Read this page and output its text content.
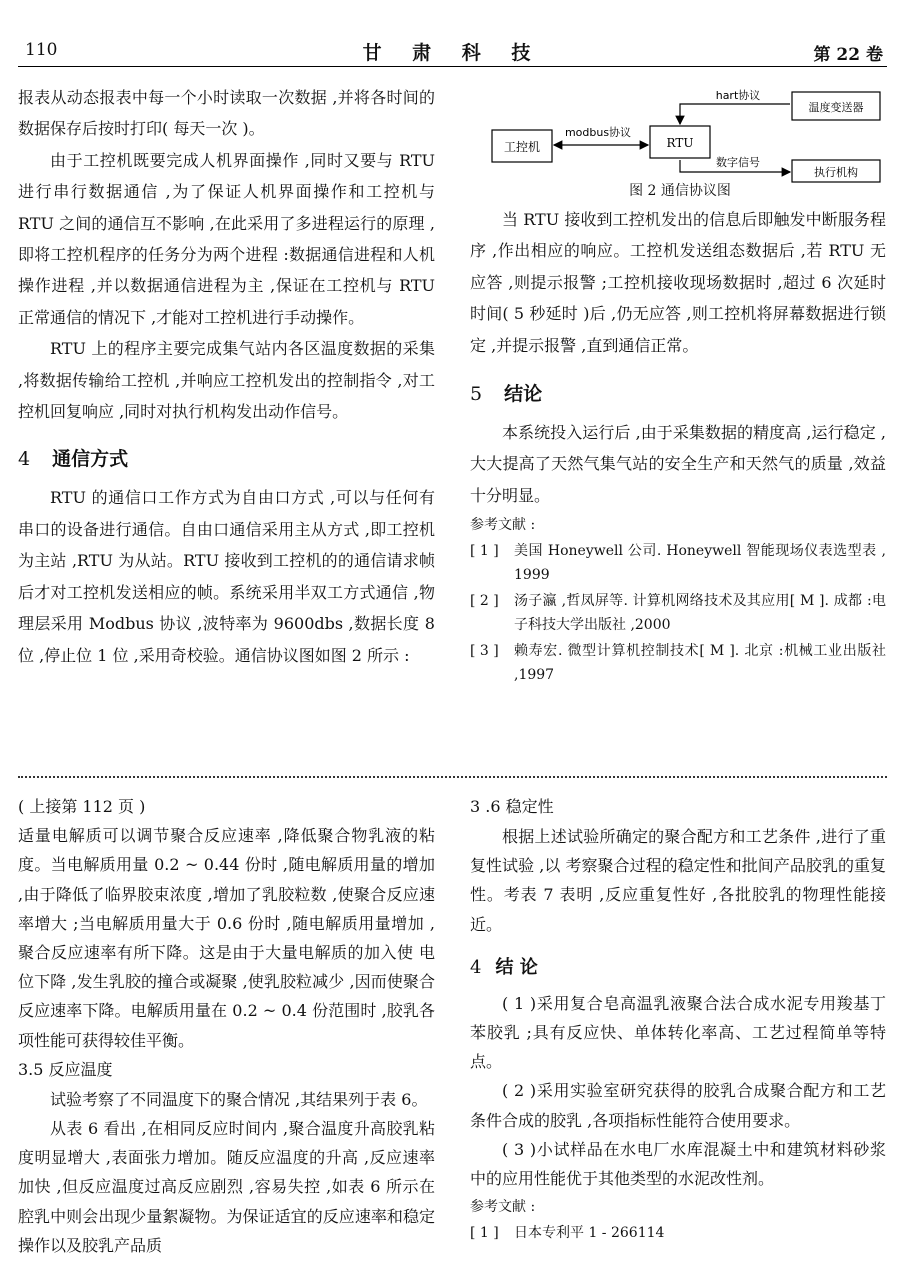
110	甘 肃 科 技	第 22 卷

报表从动态报表中每一个小时读取一次数据 ,并将各时间的数据保存后按时打印( 每天一次 )。

由于工控机既要完成人机界面操作 ,同时又要与 RTU 进行串行数据通信 ,为了保证人机界面操作和工控机与 RTU 之间的通信互不影响 ,在此采用了多进程运行的原理 ,即将工控机程序的任务分为两个进程 :数据通信进程和人机操作进程 ,并以数据通信进程为主 ,保证在工控机与 RTU 正常通信的情况下 ,才能对工控机进行手动操作。

RTU 上的程序主要完成集气站内各区温度数据的采集 ,将数据传输给工控机 ,并响应工控机发出的控制指令 ,对工控机回复响应 ,同时对执行机构发出动作信号。

4 通信方式

RTU 的通信口工作方式为自由口方式 ,可以与任何有串口的设备进行通信。自由口通信采用主从方式 ,即工控机为主站 ,RTU 为从站。RTU 接收到工控机的的通信请求帧后才对工控机发送相应的帧。系统采用半双工方式通信 ,物理层采用 Modbus 协议 ,波特率为 9600dbs ,数据长度 8 位 ,停止位 1 位 ,采用奇校验。通信协议图如图 2 所示 :

工控机	RTU
温度变送器
执行机构
modbus协议
hart协议
数字信号
图 2 通信协议图

当 RTU 接收到工控机发出的信息后即触发中断服务程序 ,作出相应的响应。工控机发送组态数据后 ,若 RTU 无应答 ,则提示报警 ;工控机接收现场数据时 ,超过 6 次延时时间( 5 秒延时 )后 ,仍无应答 ,则工控机将屏幕数据进行锁定 ,并提示报警 ,直到通信正常。

5 结论

本系统投入运行后 ,由于采集数据的精度高 ,运行稳定 ,大大提高了天然气集气站的安全生产和天然气的质量 ,效益十分明显。

参考文献 :
[ 1 ]	美国 Honeywell 公司. Honeywell 智能现场仪表选型表 , 1999
[ 2 ]	汤子瀛 ,哲凤屏等. 计算机网络技术及其应用[ M ]. 成都 :电子科技大学出版社 ,2000
[ 3 ]	赖寿宏. 微型计算机控制技术[ M ]. 北京 :机械工业出版社 ,1997

( 上接第 112 页 )

适量电解质可以调节聚合反应速率 ,降低聚合物乳液的粘度。当电解质用量 0.2 ~ 0.44 份时 ,随电解质用量的增加 ,由于降低了临界胶束浓度 ,增加了乳胶粒数 ,使聚合反应速率增大 ;当电解质用量大于 0.6 份时 ,随电解质用量增加 ,聚合反应速率有所下降。这是由于大量电解质的加入使 电位下降 ,发生乳胶的撞合或凝聚 ,使乳胶粒减少 ,因而使聚合反应速率下降。电解质用量在 0.2 ~ 0.4 份范围时 ,胶乳各项性能可获得较佳平衡。

3.5 反应温度

试验考察了不同温度下的聚合情况 ,其结果列于表 6。

从表 6 看出 ,在相同反应时间内 ,聚合温度升高胶乳粘度明显增大 ,表面张力增加。随反应温度的升高 ,反应速率加快 ,但反应温度过高反应剧烈 ,容易失控 ,如表 6 所示在腔乳中则会出现少量絮凝物。为保证适宜的反应速率和稳定操作以及胶乳产品质

3 .6 稳定性

根据上述试验所确定的聚合配方和工艺条件 ,进行了重复性试验 ,以 考察聚合过程的稳定性和批间产品胶乳的重复性。考表 7 表明 ,反应重复性好 ,各批胶乳的物理性能接近。

4 结 论

( 1 )采用复合皂高温乳液聚合法合成水泥专用羧基丁苯胶乳 ;具有反应快、单体转化率高、工艺过程简单等特点。

( 2 )采用实验室研究获得的胶乳合成聚合配方和工艺条件合成的胶乳 ,各项指标性能符合使用要求。

( 3 )小试样品在水电厂水库混凝土中和建筑材料砂浆中的应用性能优于其他类型的水泥改性剂。

参考文献 :
[ 1 ]	日本专利平 1 - 266114
